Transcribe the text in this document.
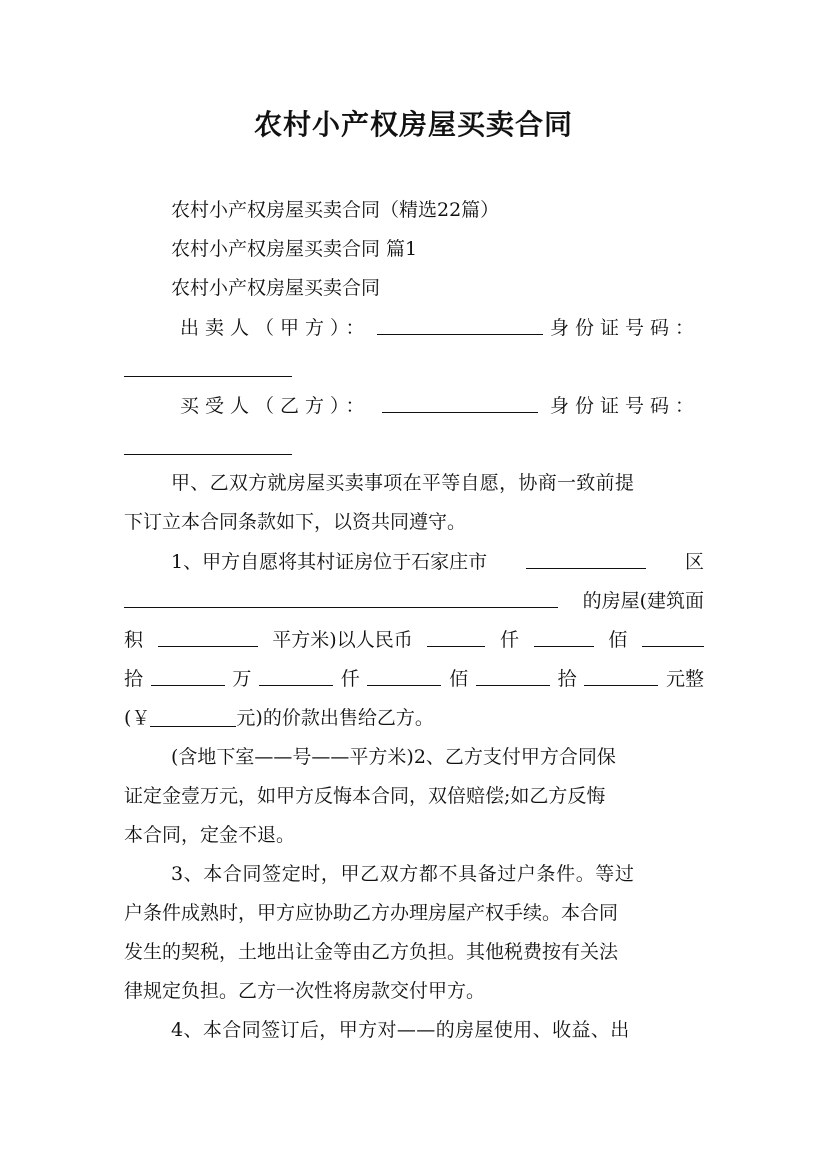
农村小产权房屋买卖合同
农村小产权房屋买卖合同（精选22篇）
农村小产权房屋买卖合同 篇1
农村小产权房屋买卖合同
出卖人（甲方）：	身份证号码：
买受人（乙方）：	身份证号码：
甲、乙双方就房屋买卖事项在平等自愿，协商一致前提
下订立本合同条款如下，以资共同遵守。
1、甲方自愿将其村证房位于石家庄市	区
的房屋(建筑面
积	平方米)以人民币	仟	佰
拾	万	仟	佰	拾	元整
(￥	元)的价款出售给乙方。
(含地下室——号——平方米)2、乙方支付甲方合同保
证定金壹万元，如甲方反悔本合同，双倍赔偿;如乙方反悔
本合同，定金不退。
3、本合同签定时，甲乙双方都不具备过户条件。等过
户条件成熟时，甲方应协助乙方办理房屋产权手续。本合同
发生的契税，土地出让金等由乙方负担。其他税费按有关法
律规定负担。乙方一次性将房款交付甲方。
4、本合同签订后，甲方对——的房屋使用、收益、出
